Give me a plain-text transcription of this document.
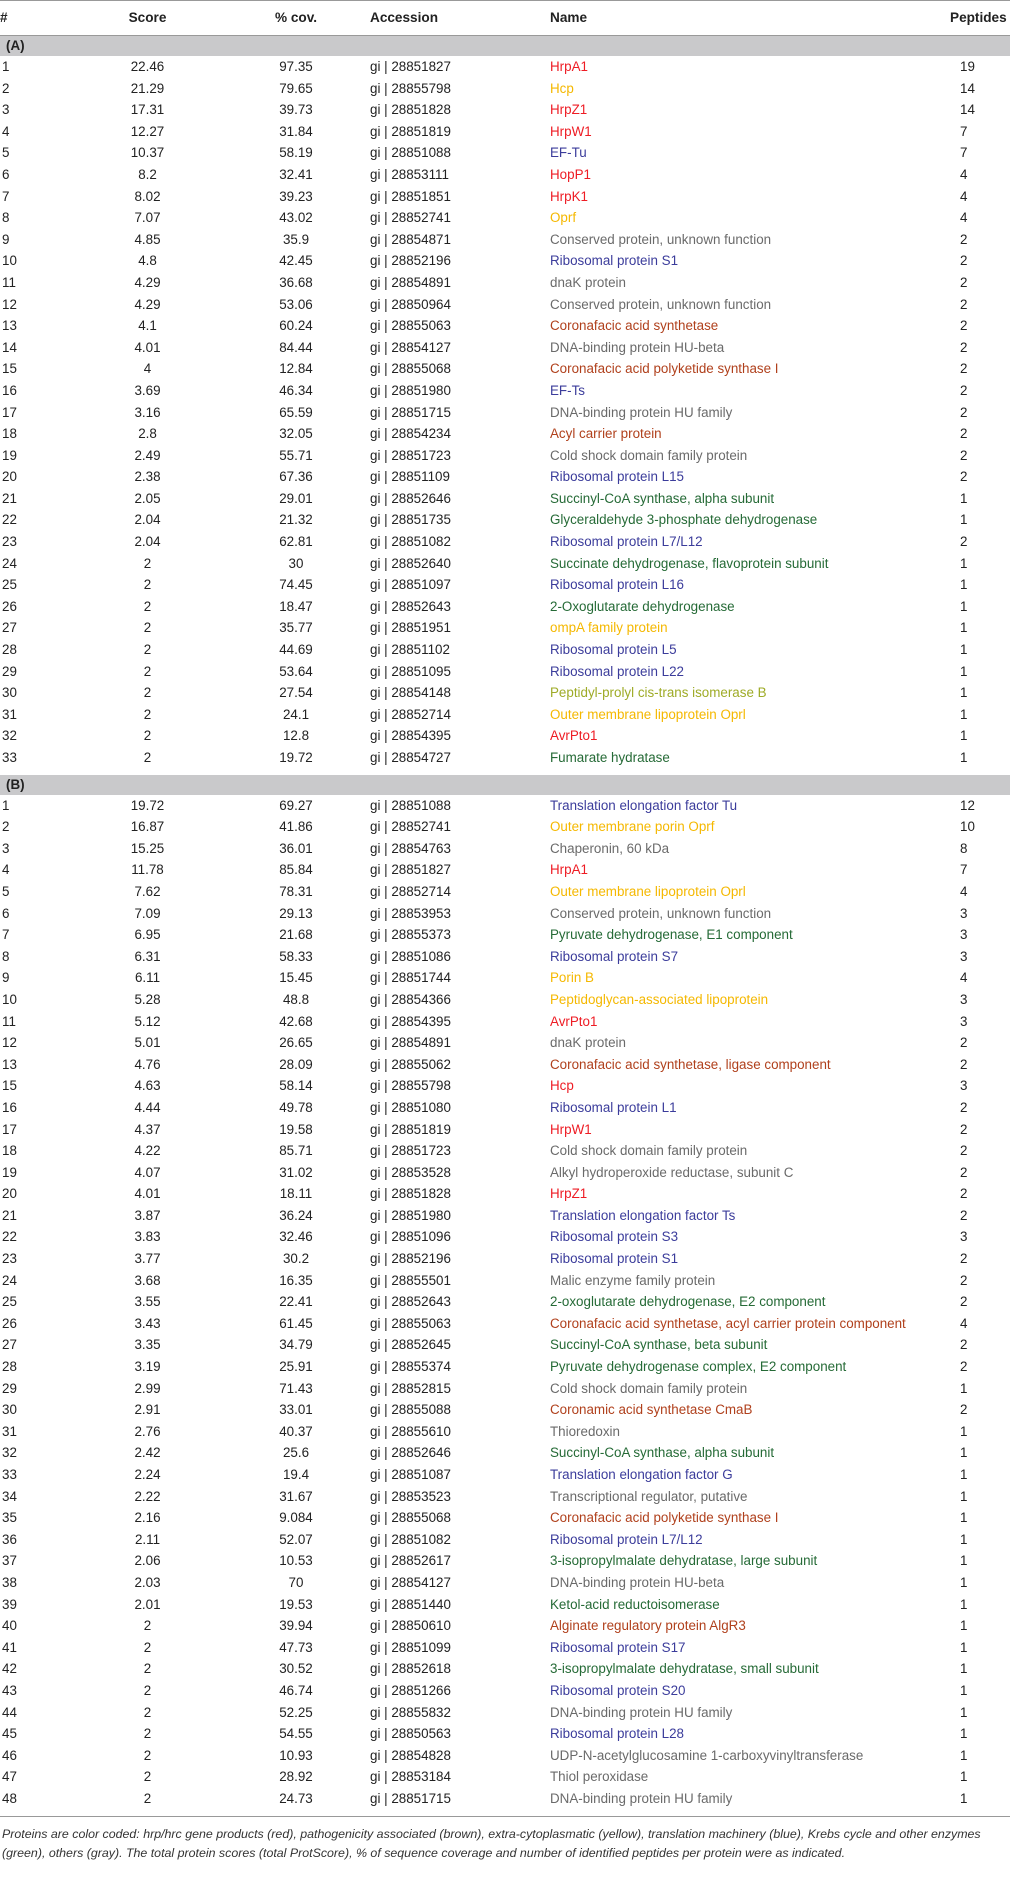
#	Score	% cov.	Accession	Name	Peptides
(A)					
1	22.46	97.35	gi | 28851827	HrpA1	19
2	21.29	79.65	gi | 28855798	Hcp	14
3	17.31	39.73	gi | 28851828	HrpZ1	14
4	12.27	31.84	gi | 28851819	HrpW1	7
5	10.37	58.19	gi | 28851088	EF-Tu	7
6	8.2	32.41	gi | 28853111	HopP1	4
7	8.02	39.23	gi | 28851851	HrpK1	4
8	7.07	43.02	gi | 28852741	Oprf	4
9	4.85	35.9	gi | 28854871	Conserved protein, unknown function	2
10	4.8	42.45	gi | 28852196	Ribosomal protein S1	2
11	4.29	36.68	gi | 28854891	dnaK protein	2
12	4.29	53.06	gi | 28850964	Conserved protein, unknown function	2
13	4.1	60.24	gi | 28855063	Coronafacic acid synthetase	2
14	4.01	84.44	gi | 28854127	DNA-binding protein HU-beta	2
15	4	12.84	gi | 28855068	Coronafacic acid polyketide synthase I	2
16	3.69	46.34	gi | 28851980	EF-Ts	2
17	3.16	65.59	gi | 28851715	DNA-binding protein HU family	2
18	2.8	32.05	gi | 28854234	Acyl carrier protein	2
19	2.49	55.71	gi | 28851723	Cold shock domain family protein	2
20	2.38	67.36	gi | 28851109	Ribosomal protein L15	2
21	2.05	29.01	gi | 28852646	Succinyl-CoA synthase, alpha subunit	1
22	2.04	21.32	gi | 28851735	Glyceraldehyde 3-phosphate dehydrogenase	1
23	2.04	62.81	gi | 28851082	Ribosomal protein L7/L12	2
24	2	30	gi | 28852640	Succinate dehydrogenase, flavoprotein subunit	1
25	2	74.45	gi | 28851097	Ribosomal protein L16	1
26	2	18.47	gi | 28852643	2-Oxoglutarate dehydrogenase	1
27	2	35.77	gi | 28851951	ompA family protein	1
28	2	44.69	gi | 28851102	Ribosomal protein L5	1
29	2	53.64	gi | 28851095	Ribosomal protein L22	1
30	2	27.54	gi | 28854148	Peptidyl-prolyl cis-trans isomerase B	1
31	2	24.1	gi | 28852714	Outer membrane lipoprotein Oprl	1
32	2	12.8	gi | 28854395	AvrPto1	1
33	2	19.72	gi | 28854727	Fumarate hydratase	1

(B)					
1	19.72	69.27	gi | 28851088	Translation elongation factor Tu	12
2	16.87	41.86	gi | 28852741	Outer membrane porin Oprf	10
3	15.25	36.01	gi | 28854763	Chaperonin, 60 kDa	8
4	11.78	85.84	gi | 28851827	HrpA1	7
5	7.62	78.31	gi | 28852714	Outer membrane lipoprotein Oprl	4
6	7.09	29.13	gi | 28853953	Conserved protein, unknown function	3
7	6.95	21.68	gi | 28855373	Pyruvate dehydrogenase, E1 component	3
8	6.31	58.33	gi | 28851086	Ribosomal protein S7	3
9	6.11	15.45	gi | 28851744	Porin B	4
10	5.28	48.8	gi | 28854366	Peptidoglycan-associated lipoprotein	3
11	5.12	42.68	gi | 28854395	AvrPto1	3
12	5.01	26.65	gi | 28854891	dnaK protein	2
13	4.76	28.09	gi | 28855062	Coronafacic acid synthetase, ligase component	2
15	4.63	58.14	gi | 28855798	Hcp	3
16	4.44	49.78	gi | 28851080	Ribosomal protein L1	2
17	4.37	19.58	gi | 28851819	HrpW1	2
18	4.22	85.71	gi | 28851723	Cold shock domain family protein	2
19	4.07	31.02	gi | 28853528	Alkyl hydroperoxide reductase, subunit C	2
20	4.01	18.11	gi | 28851828	HrpZ1	2
21	3.87	36.24	gi | 28851980	Translation elongation factor Ts	2
22	3.83	32.46	gi | 28851096	Ribosomal protein S3	3
23	3.77	30.2	gi | 28852196	Ribosomal protein S1	2
24	3.68	16.35	gi | 28855501	Malic enzyme family protein	2
25	3.55	22.41	gi | 28852643	2-oxoglutarate dehydrogenase, E2 component	2
26	3.43	61.45	gi | 28855063	Coronafacic acid synthetase, acyl carrier protein component	4
27	3.35	34.79	gi | 28852645	Succinyl-CoA synthase, beta subunit	2
28	3.19	25.91	gi | 28855374	Pyruvate dehydrogenase complex, E2 component	2
29	2.99	71.43	gi | 28852815	Cold shock domain family protein	1
30	2.91	33.01	gi | 28855088	Coronamic acid synthetase CmaB	2
31	2.76	40.37	gi | 28855610	Thioredoxin	1
32	2.42	25.6	gi | 28852646	Succinyl-CoA synthase, alpha subunit	1
33	2.24	19.4	gi | 28851087	Translation elongation factor G	1
34	2.22	31.67	gi | 28853523	Transcriptional regulator, putative	1
35	2.16	9.084	gi | 28855068	Coronafacic acid polyketide synthase I	1
36	2.11	52.07	gi | 28851082	Ribosomal protein L7/L12	1
37	2.06	10.53	gi | 28852617	3-isopropylmalate dehydratase, large subunit	1
38	2.03	70	gi | 28854127	DNA-binding protein HU-beta	1
39	2.01	19.53	gi | 28851440	Ketol-acid reductoisomerase	1
40	2	39.94	gi | 28850610	Alginate regulatory protein AlgR3	1
41	2	47.73	gi | 28851099	Ribosomal protein S17	1
42	2	30.52	gi | 28852618	3-isopropylmalate dehydratase, small subunit	1
43	2	46.74	gi | 28851266	Ribosomal protein S20	1
44	2	52.25	gi | 28855832	DNA-binding protein HU family	1
45	2	54.55	gi | 28850563	Ribosomal protein L28	1
46	2	10.93	gi | 28854828	UDP-N-acetylglucosamine 1-carboxyvinyltransferase	1
47	2	28.92	gi | 28853184	Thiol peroxidase	1
48	2	24.73	gi | 28851715	DNA-binding protein HU family	1
Proteins are color coded: hrp/hrc gene products (red), pathogenicity associated (brown), extra-cytoplasmatic (yellow), translation machinery (blue), Krebs cycle and other enzymes (green), others (gray). The total protein scores (total ProtScore), % of sequence coverage and number of identified peptides per protein were as indicated.
